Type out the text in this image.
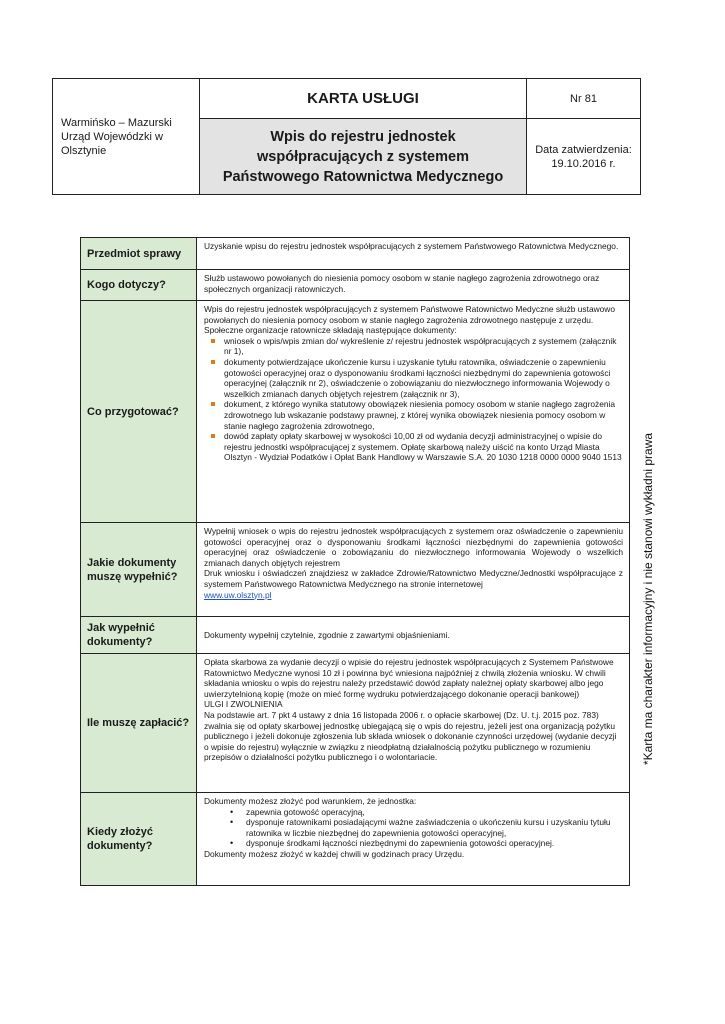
Warmińsko – Mazurski Urząd Wojewódzki w Olsztynie
KARTA USŁUGI	Nr 81
Wpis do rejestru jednostek współpracujących z systemem Państwowego Ratownictwa Medycznego
Data zatwierdzenia:
19.10.2016 r.
Przedmiot sprawy

Uzyskanie wpisu do rejestru jednostek współpracujących z systemem Państwowego Ratownictwa Medycznego.

Kogo dotyczy?

Służb ustawowo powołanych do niesienia pomocy osobom w stanie nagłego zagrożenia zdrowotnego oraz społecznych organizacji ratowniczych.

Co przygotować?

Wpis do rejestru jednostek współpracujących z systemem Państwowe Ratownictwo Medyczne służb ustawowo powołanych do niesienia pomocy osobom w stanie nagłego zagrożenia zdrowotnego następuje z urzędu.

Społeczne organizacje ratownicze składają następujące dokumenty:

wniosek o wpis/wpis zmian do/ wykreślenie z/ rejestru jednostek współpracujących z systemem (załącznik nr 1),
dokumenty potwierdzające ukończenie kursu i uzyskanie tytułu ratownika, oświadczenie o zapewnieniu gotowości operacyjnej oraz o dysponowaniu środkami łączności niezbędnymi do zapewnienia gotowości operacyjnej (załącznik nr 2), oświadczenie o zobowiązaniu do niezwłocznego informowania Wojewody o wszelkich zmianach danych objętych rejestrem (załącznik nr 3),
dokument, z którego wynika statutowy obowiązek niesienia pomocy osobom w stanie nagłego zagrożenia zdrowotnego lub wskazanie podstawy prawnej, z której wynika obowiązek niesienia pomocy osobom w stanie nagłego zagrożenia zdrowotnego,
dowód zapłaty opłaty skarbowej w wysokości 10,00 zł od wydania decyzji administracyjnej o wpisie do rejestru jednostki współpracującej z systemem. Opłatę skarbową należy uiścić na konto Urząd Miasta Olsztyn - Wydział Podatków i Opłat Bank Handlowy w Warszawie S.A. 20 1030 1218 0000 0000 9040 1513
Jakie dokumenty muszę wypełnić?

Wypełnij wniosek o wpis do rejestru jednostek współpracujących z systemem oraz oświadczenie o zapewnieniu gotowości operacyjnej oraz o dysponowaniu środkami łączności niezbędnymi do zapewnienia gotowości operacyjnej oraz oświadczenie o zobowiązaniu do niezwłocznego informowania Wojewody o wszelkich zmianach danych objętych rejestrem

Druk wniosku i oświadczeń znajdziesz w zakładce Zdrowie/Ratownictwo Medyczne/Jednostki współpracujące z systemem Państwowego Ratownictwa Medycznego na stronie internetowej

www.uw.olsztyn.pl

Jak wypełnić dokumenty?

Dokumenty wypełnij czytelnie, zgodnie z zawartymi objaśnieniami.

Ile muszę zapłacić?

Opłata skarbowa za wydanie decyzji o wpisie do rejestru jednostek współpracujących z Systemem Państwowe Ratownictwo Medyczne wynosi 10 zł i powinna być wniesiona najpóźniej z chwilą złożenia wniosku. W chwili składania wniosku o wpis do rejestru należy przedstawić dowód zapłaty należnej opłaty skarbowej albo jego uwierzytelnioną kopię (może on mieć formę wydruku potwierdzającego dokonanie operacji bankowej)

ULGI I ZWOLNIENIA

Na podstawie art. 7 pkt 4 ustawy z dnia 16 listopada 2006 r. o opłacie skarbowej (Dz. U. t.j. 2015 poz. 783) zwalnia się od opłaty skarbowej jednostkę ubiegającą się o wpis do rejestru, jeżeli jest ona organizacją pożytku publicznego i jeżeli dokonuje zgłoszenia lub składa wniosek o dokonanie czynności urzędowej (wydanie decyzji o wpisie do rejestru) wyłącznie w związku z nieodpłatną działalnością pożytku publicznego w rozumieniu przepisów o działalności pożytku publicznego i o wolontariacie.

Kiedy złożyć dokumenty?

Dokumenty możesz złożyć pod warunkiem, że jednostka:

• zapewnia gotowość operacyjną,
• dysponuje ratownikami posiadającymi ważne zaświadczenia o ukończeniu kursu i uzyskaniu tytułu ratownika w liczbie niezbędnej do zapewnienia gotowości operacyjnej,
• dysponuje środkami łączności niezbędnymi do zapewnienia gotowości operacyjnej.

Dokumenty możesz złożyć w każdej chwili w godzinach pracy Urzędu.

*Karta ma charakter informacyjny i nie stanowi wykładni prawa
